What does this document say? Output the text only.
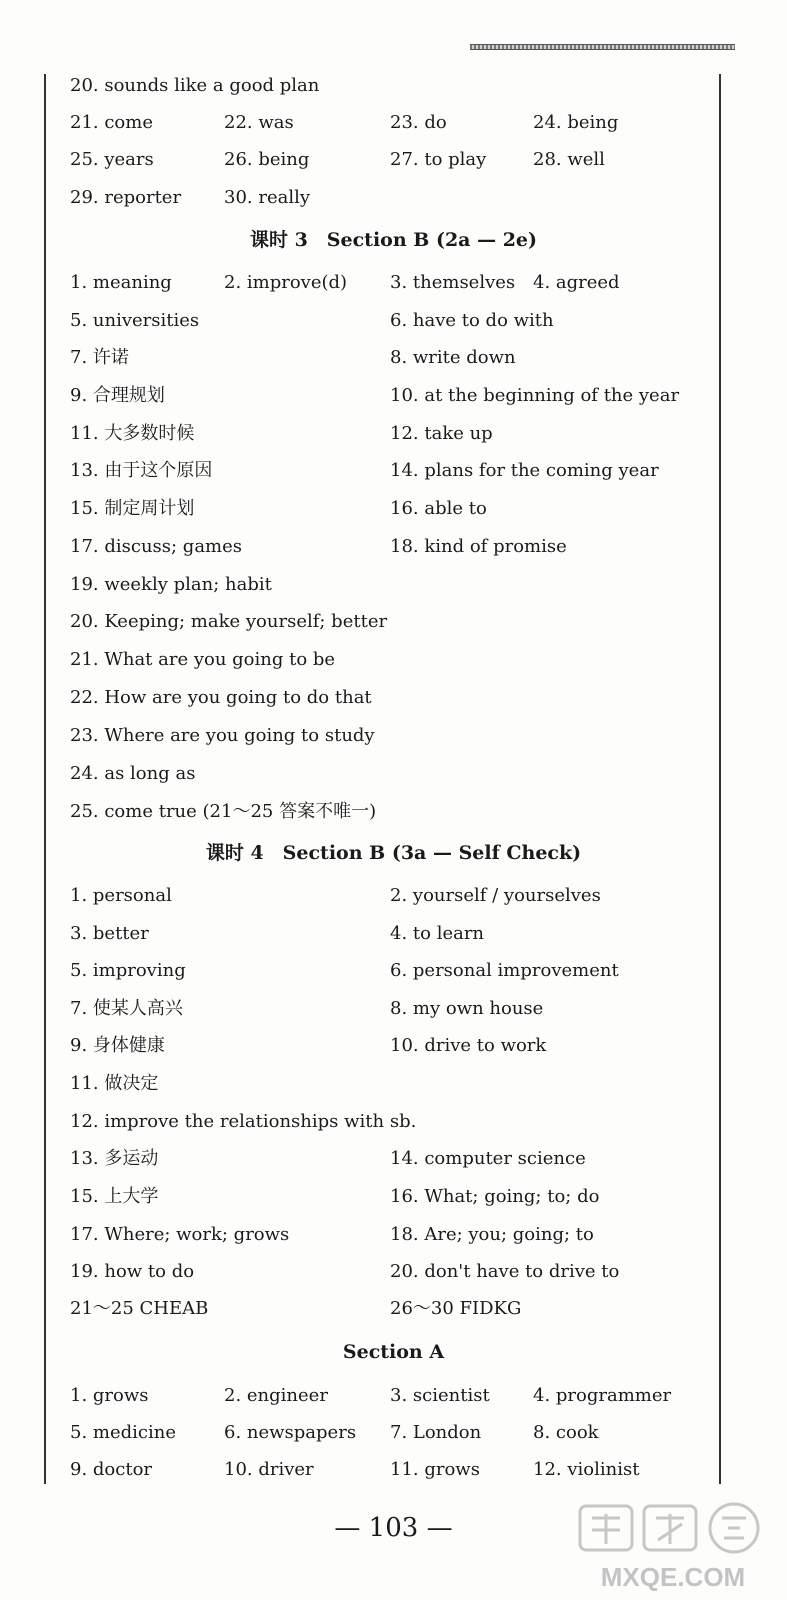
20. sounds like a good plan
21. come	22. was	23. do	24. being
25. years	26. being	27. to play	28. well
29. reporter 30. really
课时 3　Section B (2a — 2e)
1. meaning	2. improve(d) 3. themselves 4. agreed
5. universities	6. have to do with
7. 许诺	8. write down
9. 合理规划	10. at the beginning of the year
11. 大多数时候	12. take up
13. 由于这个原因	14. plans for the coming year
15. 制定周计划	16. able to
17. discuss; games	18. kind of promise
19. weekly plan; habit
20. Keeping; make yourself; better
21. What are you going to be
22. How are you going to do that
23. Where are you going to study
24. as long as
25. come true (21～25 答案不唯一)
课时 4　Section B (3a — Self Check)
1. personal	2. yourself / yourselves
3. better	4. to learn
5. improving	6. personal improvement
7. 使某人高兴	8. my own house
9. 身体健康	10. drive to work
11. 做决定
12. improve the relationships with sb.
13. 多运动	14. computer science
15. 上大学	16. What; going; to; do
17. Where; work; grows	18. Are; you; going; to
19. how to do	20. don't have to drive to
21～25 CHEAB	26～30 FIDKG
Section A
1. grows	2. engineer	3. scientist 4. programmer
5. medicine	6. newspapers 7. London	8. cook
9. doctor	10. driver	11. grows	12. violinist
— 103 —
MXQE.COM
